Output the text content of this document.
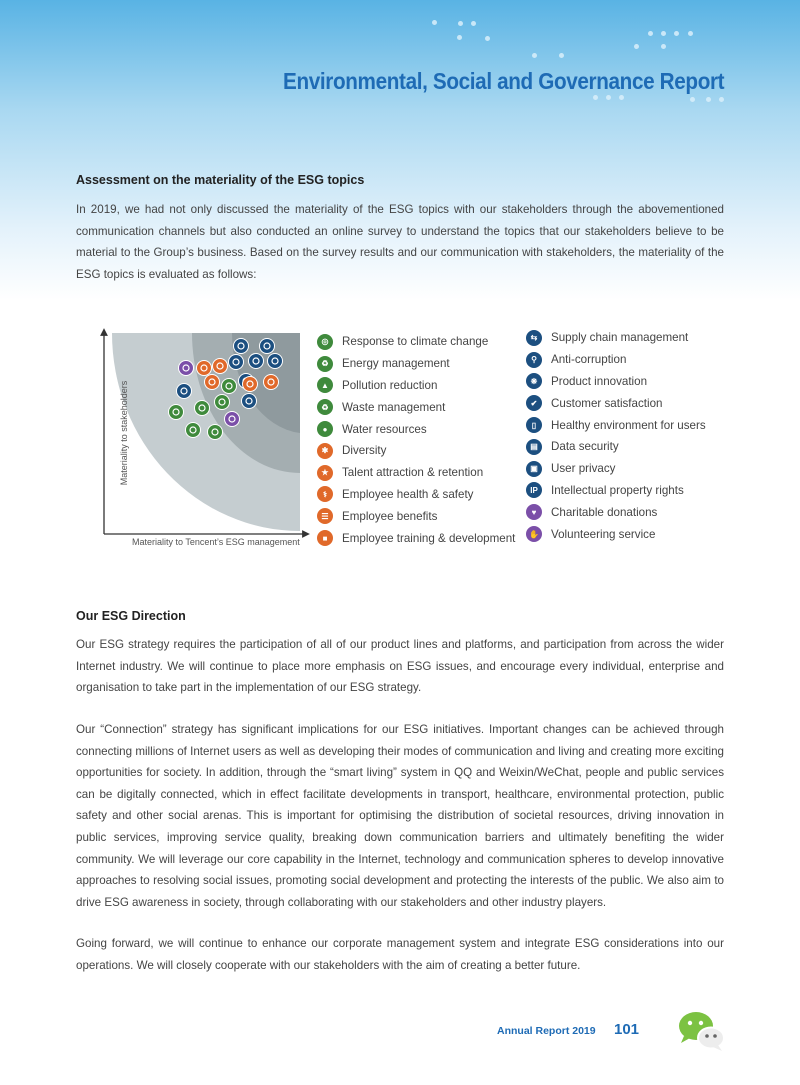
Environmental, Social and Governance Report
Assessment on the materiality of the ESG topics

In 2019, we had not only discussed the materiality of the ESG topics with our stakeholders through the abovementioned communication channels but also conducted an online survey to understand the topics that our stakeholders believe to be material to the Group’s business. Based on the survey results and our communication with stakeholders, the materiality of the ESG topics is evaluated as follows:

Materiality to stakeholders
Materiality to Tencent’s ESG management
◎	Response to climate change
♻	Energy management
▲	Pollution reduction
♻	Waste management
●	Water resources
✱	Diversity
★	Talent attraction & retention
⚕	Employee health & safety
☰	Employee benefits
■	Employee training & development
⇆	Supply chain management
⚲	Anti-corruption
❋	Product innovation
✔	Customer satisfaction
▯	Healthy environment for users
▤	Data security
▣	User privacy
IP	Intellectual property rights
♥	Charitable donations
✋ Volunteering service
Our ESG Direction

Our ESG strategy requires the participation of all of our product lines and platforms, and participation from across the wider Internet industry. We will continue to place more emphasis on ESG issues, and encourage every individual, enterprise and organisation to take part in the implementation of our ESG strategy.

Our “Connection” strategy has significant implications for our ESG initiatives. Important changes can be achieved through connecting millions of Internet users as well as developing their modes of communication and living and creating more exciting opportunities for society. In addition, through the “smart living” system in QQ and Weixin/WeChat, people and public services can be digitally connected, which in effect facilitate developments in transport, healthcare, environmental protection, public safety and other social arenas. This is important for optimising the distribution of societal resources, driving innovation in public services, improving service quality, breaking down communication barriers and ultimately benefiting the wider community. We will leverage our core capability in the Internet, technology and communication spheres to develop innovative approaches to resolving social issues, promoting social development and protecting the interests of the public. We also aim to drive ESG awareness in society, through collaborating with our stakeholders and other industry players.

Going forward, we will continue to enhance our corporate management system and integrate ESG considerations into our operations. We will closely cooperate with our stakeholders with the aim of creating a better future.

Annual Report 2019 101
